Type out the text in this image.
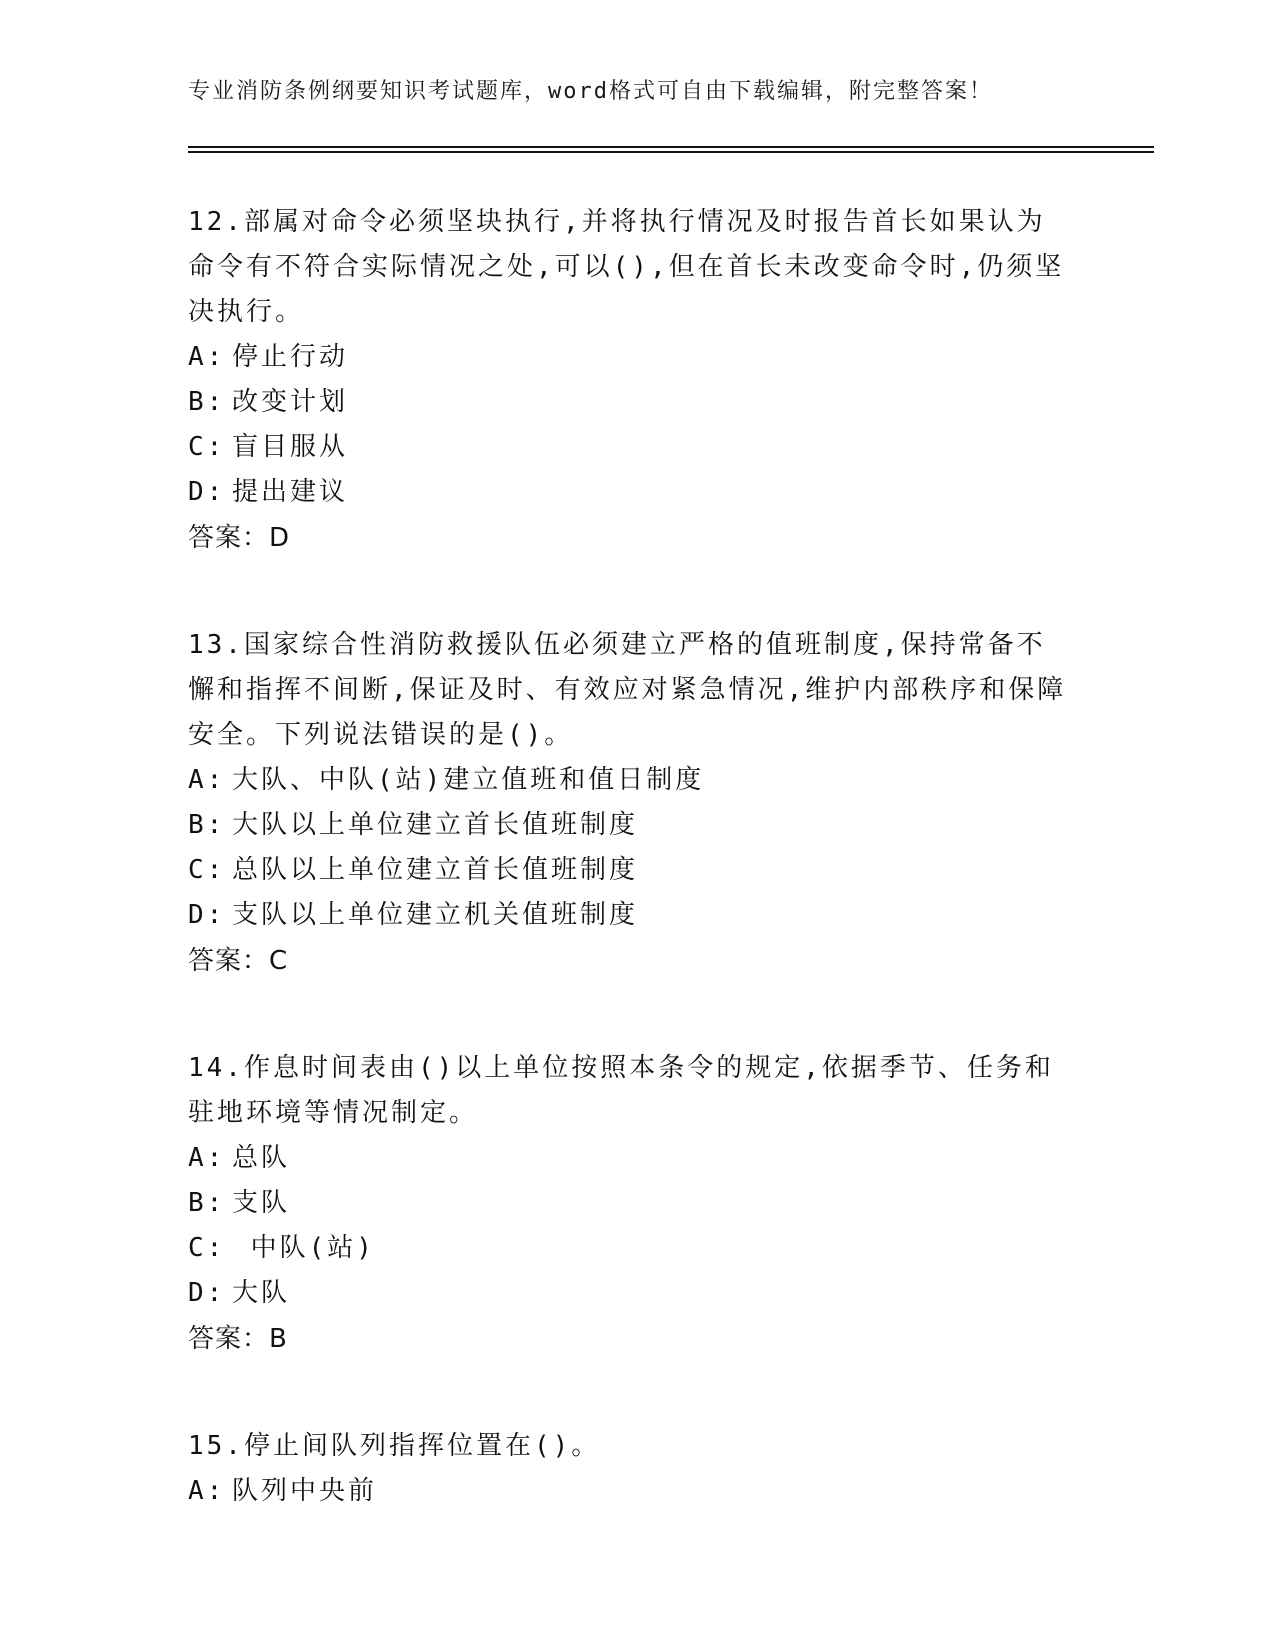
专业消防条例纲要知识考试题库，word格式可自由下载编辑，附完整答案！

12.部属对命令必须坚块执行,并将执行情况及时报告首长如果认为 命令有不符合实际情况之处,可以(),但在首长未改变命令时,仍须坚决执行。

A: 停止行动
B: 改变计划
C: 盲目服从
D: 提出建议
答案：D

13.国家综合性消防救援队伍必须建立严格的值班制度,保持常备不 懈和指挥不间断,保证及时、有效应对紧急情况,维护内部秩序和保障安全。下列说法错误的是()。

A: 大队、中队(站)建立值班和值日制度
B: 大队以上单位建立首长值班制度
C: 总队以上单位建立首长值班制度
D: 支队以上单位建立机关值班制度
答案：C

14.作息时间表由()以上单位按照本条令的规定,依据季节、任务和驻地环境等情况制定。

A: 总队
B: 支队
C: 中队(站)
D: 大队
答案：B

15.停止间队列指挥位置在()。

A: 队列中央前
